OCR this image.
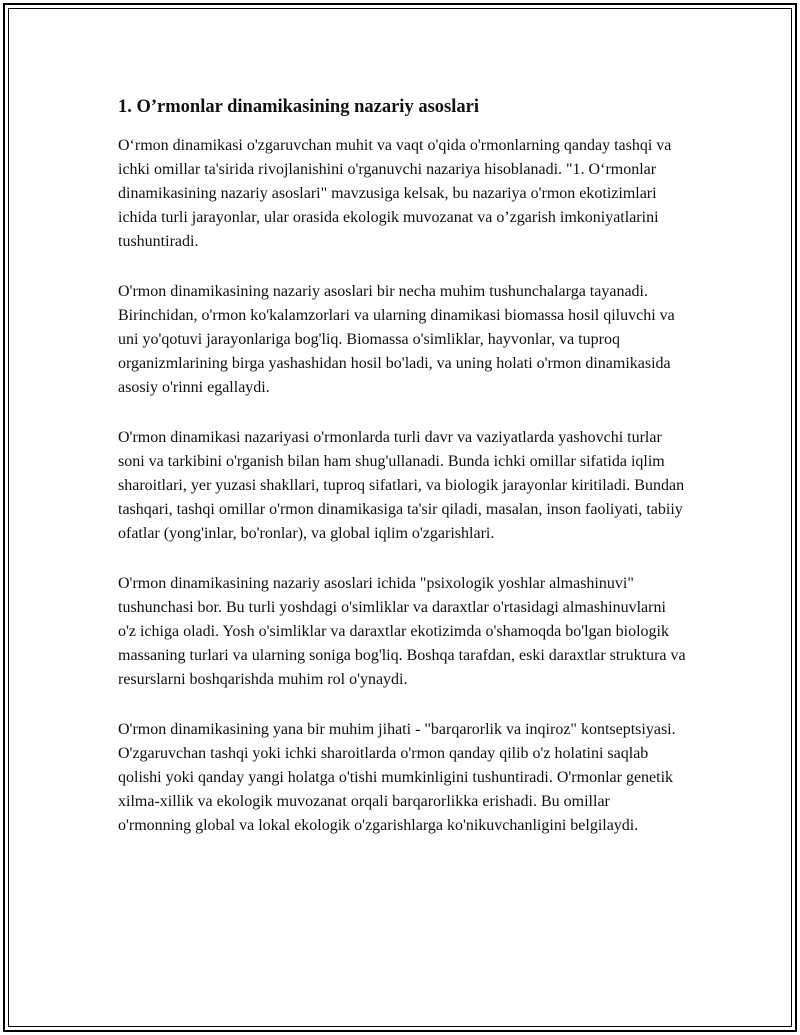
1. O’rmonlar dinamikasining nazariy asoslari

O‘rmon dinamikasi o'zgaruvchan muhit va vaqt o'qida o'rmonlarning qanday tashqi va ichki omillar ta'sirida rivojlanishini o'rganuvchi nazariya hisoblanadi. "1. O‘rmonlar dinamikasining nazariy asoslari" mavzusiga kelsak, bu nazariya o'rmon ekotizimlari ichida turli jarayonlar, ular orasida ekologik muvozanat va o’zgarish imkoniyatlarini tushuntiradi.

O'rmon dinamikasining nazariy asoslari bir necha muhim tushunchalarga tayanadi. Birinchidan, o'rmon ko'kalamzorlari va ularning dinamikasi biomassa hosil qiluvchi va uni yo'qotuvi jarayonlariga bog'liq. Biomassa o'simliklar, hayvonlar, va tuproq organizmlarining birga yashashidan hosil bo'ladi, va uning holati o'rmon dinamikasida asosiy o'rinni egallaydi.

O'rmon dinamikasi nazariyasi o'rmonlarda turli davr va vaziyatlarda yashovchi turlar soni va tarkibini o'rganish bilan ham shug'ullanadi. Bunda ichki omillar sifatida iqlim sharoitlari, yer yuzasi shakllari, tuproq sifatlari, va biologik jarayonlar kiritiladi. Bundan tashqari, tashqi omillar o'rmon dinamikasiga ta'sir qiladi, masalan, inson faoliyati, tabiiy ofatlar (yong'inlar, bo'ronlar), va global iqlim o'zgarishlari.

O'rmon dinamikasining nazariy asoslari ichida "psixologik yoshlar almashinuvi" tushunchasi bor. Bu turli yoshdagi o'simliklar va daraxtlar o'rtasidagi almashinuvlarni o'z ichiga oladi. Yosh o'simliklar va daraxtlar ekotizimda o'shamoqda bo'lgan biologik massaning turlari va ularning soniga bog'liq. Boshqa tarafdan, eski daraxtlar struktura va resurslarni boshqarishda muhim rol o'ynaydi.

O'rmon dinamikasining yana bir muhim jihati - "barqarorlik va inqiroz" kontseptsiyasi. O'zgaruvchan tashqi yoki ichki sharoitlarda o'rmon qanday qilib o'z holatini saqlab qolishi yoki qanday yangi holatga o'tishi mumkinligini tushuntiradi. O'rmonlar genetik xilma-xillik va ekologik muvozanat orqali barqarorlikka erishadi. Bu omillar o'rmonning global va lokal ekologik o'zgarishlarga ko'nikuvchanligini belgilaydi.
